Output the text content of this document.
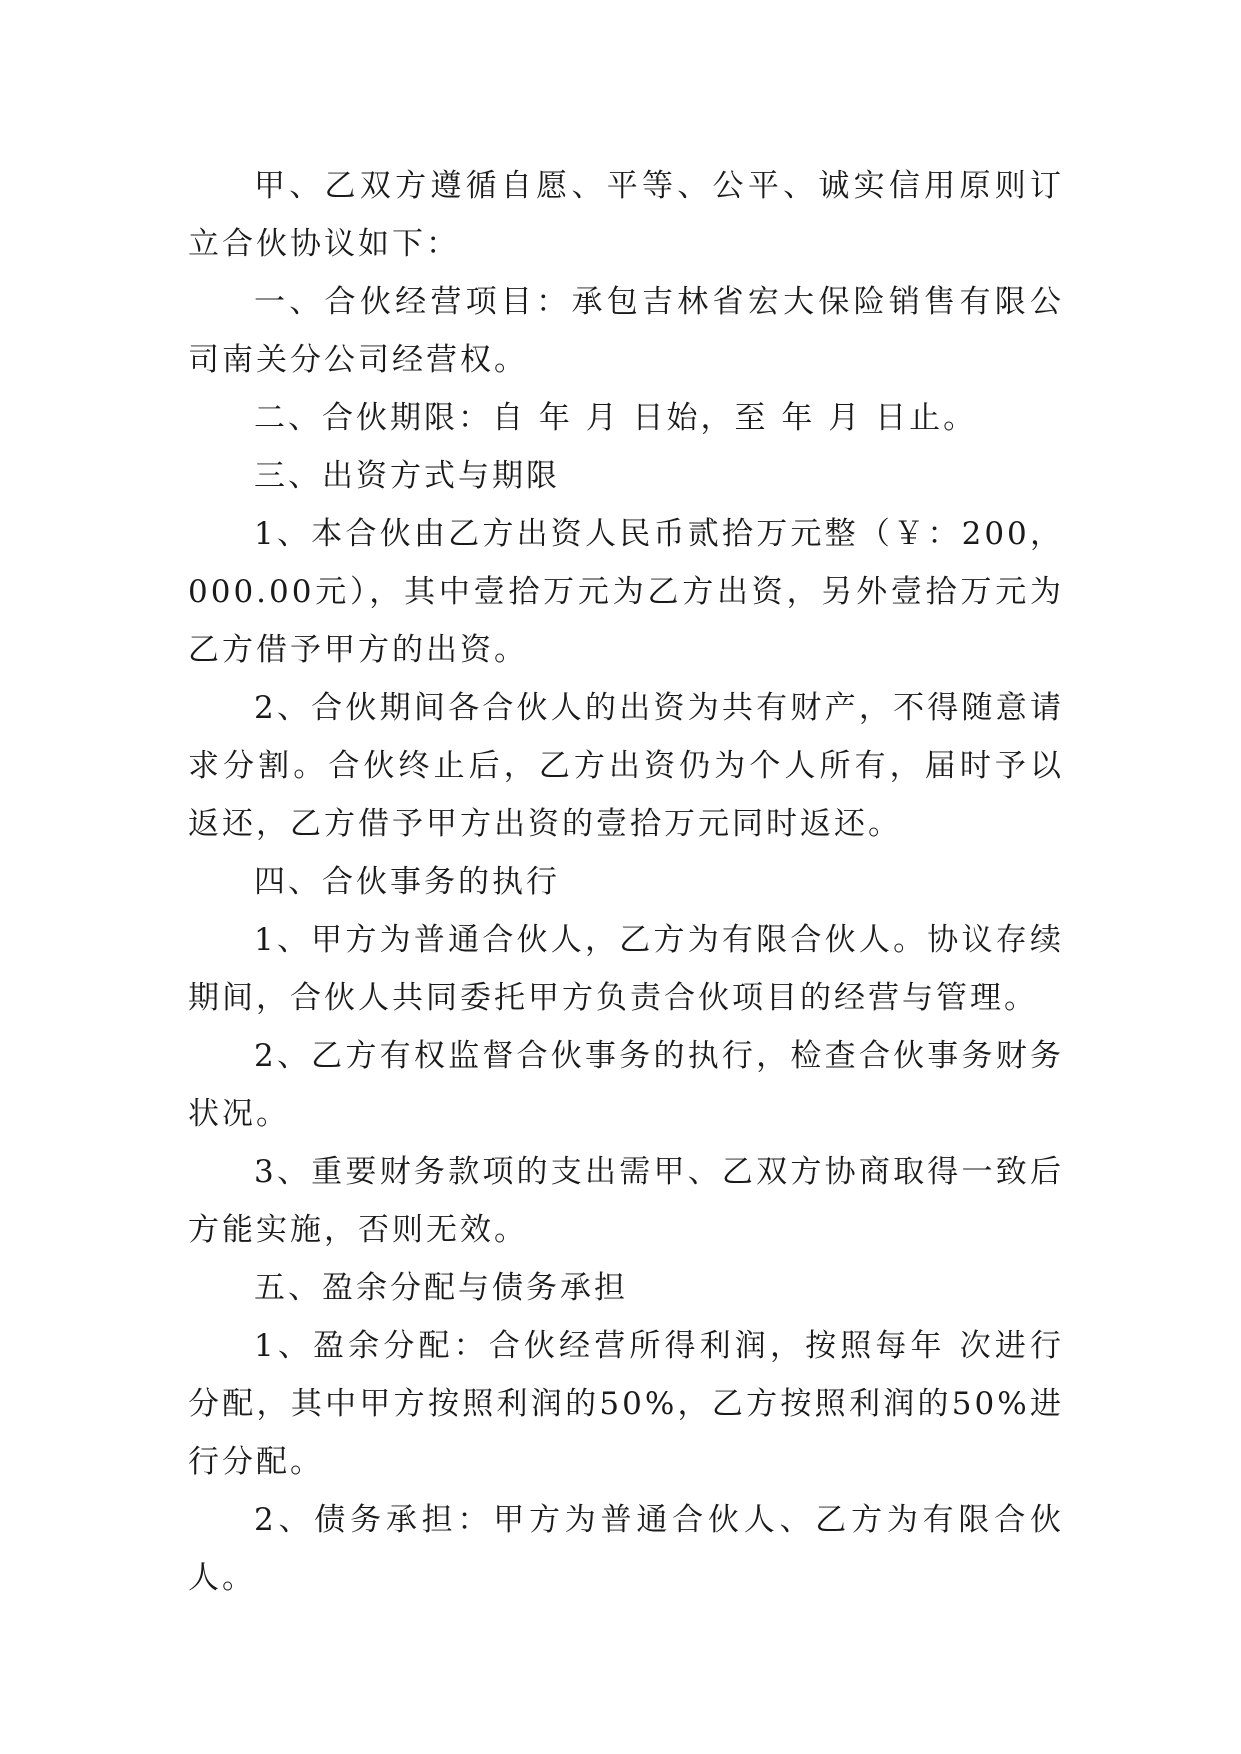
甲、乙双方遵循自愿、平等、公平、诚实信用原则订立合伙协议如下：

一、合伙经营项目：承包吉林省宏大保险销售有限公司南关分公司经营权。

二、合伙期限：自 年 月 日始，至 年 月 日止。

三、出资方式与期限

1、本合伙由乙方出资人民币贰拾万元整（￥：200，000.00元），其中壹拾万元为乙方出资，另外壹拾万元为乙方借予甲方的出资。

2、合伙期间各合伙人的出资为共有财产，不得随意请求分割。合伙终止后，乙方出资仍为个人所有，届时予以返还，乙方借予甲方出资的壹拾万元同时返还。

四、合伙事务的执行

1、甲方为普通合伙人，乙方为有限合伙人。协议存续期间，合伙人共同委托甲方负责合伙项目的经营与管理。

2、乙方有权监督合伙事务的执行，检查合伙事务财务状况。

3、重要财务款项的支出需甲、乙双方协商取得一致后方能实施，否则无效。

五、盈余分配与债务承担

1、盈余分配：合伙经营所得利润，按照每年 次进行分配，其中甲方按照利润的50%，乙方按照利润的50%进行分配。

2、债务承担：甲方为普通合伙人、乙方为有限合伙人。
